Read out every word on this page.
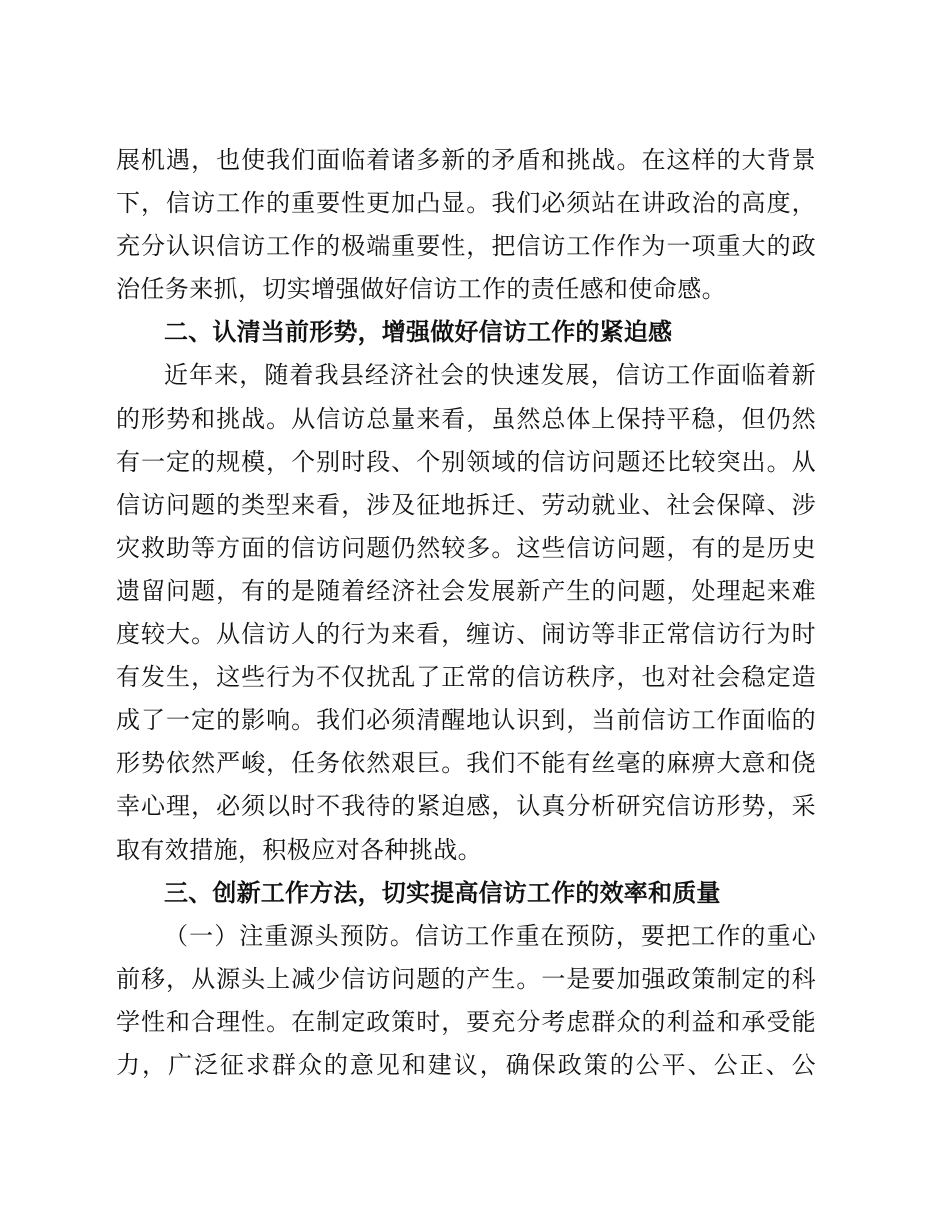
展机遇，也使我们面临着诸多新的矛盾和挑战。在这样的大背景
下，信访工作的重要性更加凸显。我们必须站在讲政治的高度，
充分认识信访工作的极端重要性，把信访工作作为一项重大的政
治任务来抓，切实增强做好信访工作的责任感和使命感。
二、认清当前形势，增强做好信访工作的紧迫感
近年来，随着我县经济社会的快速发展，信访工作面临着新
的形势和挑战。从信访总量来看，虽然总体上保持平稳，但仍然
有一定的规模，个别时段、个别领域的信访问题还比较突出。从
信访问题的类型来看，涉及征地拆迁、劳动就业、社会保障、涉
灾救助等方面的信访问题仍然较多。这些信访问题，有的是历史
遗留问题，有的是随着经济社会发展新产生的问题，处理起来难
度较大。从信访人的行为来看，缠访、闹访等非正常信访行为时
有发生，这些行为不仅扰乱了正常的信访秩序，也对社会稳定造
成了一定的影响。我们必须清醒地认识到，当前信访工作面临的
形势依然严峻，任务依然艰巨。我们不能有丝毫的麻痹大意和侥
幸心理，必须以时不我待的紧迫感，认真分析研究信访形势，采
取有效措施，积极应对各种挑战。
三、创新工作方法，切实提高信访工作的效率和质量
（一）注重源头预防。信访工作重在预防，要把工作的重心
前移，从源头上减少信访问题的产生。一是要加强政策制定的科
学性和合理性。在制定政策时，要充分考虑群众的利益和承受能
力，广泛征求群众的意见和建议，确保政策的公平、公正、公
